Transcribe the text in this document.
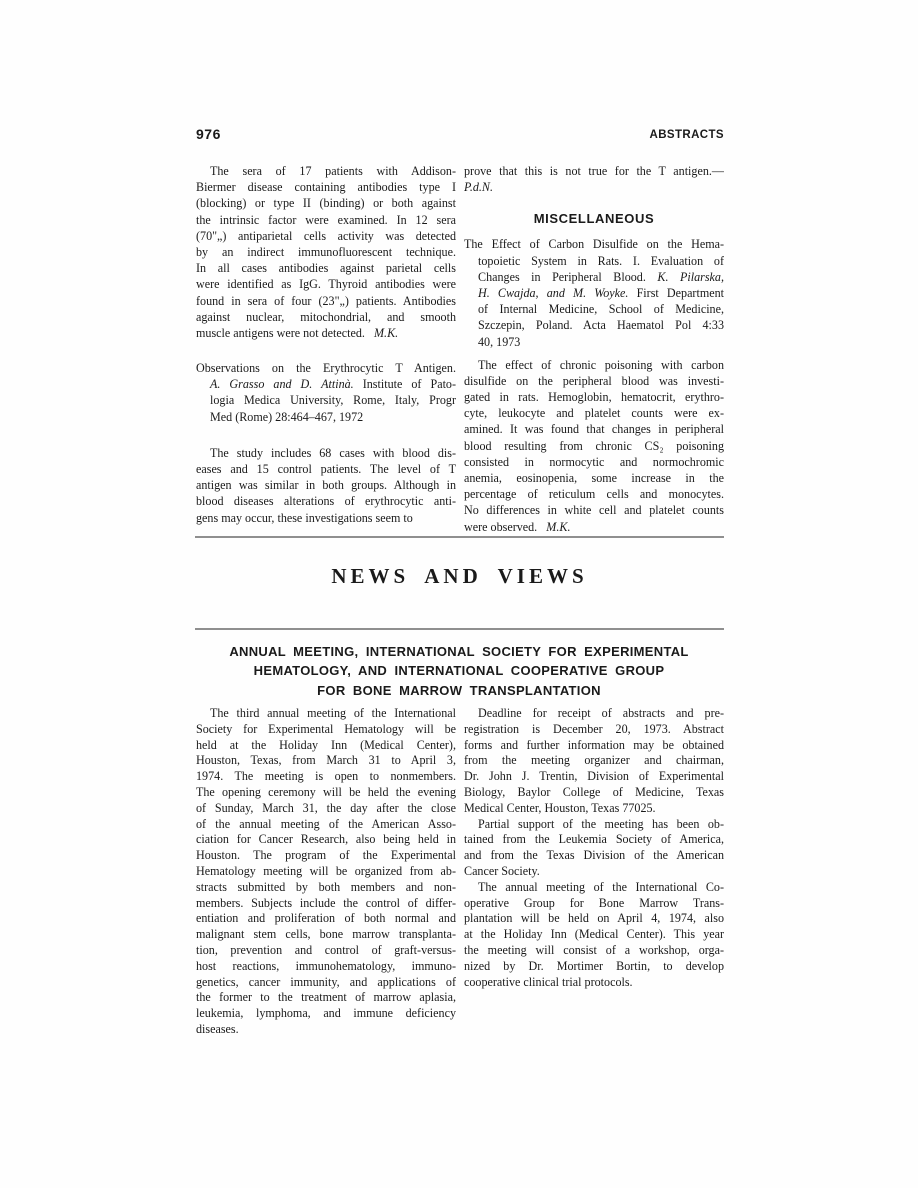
976	ABSTRACTS
The sera of 17 patients with Addison-
Biermer disease containing antibodies type I
(blocking) or type II (binding) or both against
the intrinsic factor were examined. In 12 sera
(70"„) antiparietal cells activity was detected
by an indirect immunofluorescent technique.
In all cases antibodies against parietal cells
were identified as IgG. Thyroid antibodies were
found in sera of four (23"„) patients. Antibodies
against nuclear, mitochondrial, and smooth
muscle antigens were not detected.   M.K.
Observations on the Erythrocytic T Antigen.
A. Grasso and D. Attinà. Institute of Pato-
logia Medica University, Rome, Italy, Progr
Med (Rome) 28:464–467, 1972
The study includes 68 cases with blood dis-
eases and 15 control patients. The level of T
antigen was similar in both groups. Although in
blood diseases alterations of erythrocytic anti-
gens may occur, these investigations seem to
prove that this is not true for the T antigen.—
P.d.N.
MISCELLANEOUS
The Effect of Carbon Disulfide on the Hema-
topoietic System in Rats. I. Evaluation of
Changes in Peripheral Blood. K. Pilarska,
H. Cwajda, and M. Woyke. First Department
of Internal Medicine, School of Medicine,
Szczepin, Poland. Acta Haematol Pol 4:33
40, 1973
The effect of chronic poisoning with carbon
disulfide on the peripheral blood was investi-
gated in rats. Hemoglobin, hematocrit, erythro-
cyte, leukocyte and platelet counts were ex-
amined. It was found that changes in peripheral
blood resulting from chronic CS₂ poisoning
consisted in normocytic and normochromic
anemia, eosinopenia, some increase in the
percentage of reticulum cells and monocytes.
No differences in white cell and platelet counts
were observed.   M.K.
NEWS AND VIEWS
ANNUAL MEETING, INTERNATIONAL SOCIETY FOR EXPERIMENTAL
HEMATOLOGY, AND INTERNATIONAL COOPERATIVE GROUP
FOR BONE MARROW TRANSPLANTATION
The third annual meeting of the International
Society for Experimental Hematology will be
held at the Holiday Inn (Medical Center),
Houston, Texas, from March 31 to April 3,
1974. The meeting is open to nonmembers.
The opening ceremony will be held the evening
of Sunday, March 31, the day after the close
of the annual meeting of the American Asso-
ciation for Cancer Research, also being held in
Houston. The program of the Experimental
Hematology meeting will be organized from ab-
stracts submitted by both members and non-
members. Subjects include the control of differ-
entiation and proliferation of both normal and
malignant stem cells, bone marrow transplanta-
tion, prevention and control of graft-versus-
host reactions, immunohematology, immuno-
genetics, cancer immunity, and applications of
the former to the treatment of marrow aplasia,
leukemia, lymphoma, and immune deficiency
diseases.
Deadline for receipt of abstracts and pre-
registration is December 20, 1973. Abstract
forms and further information may be obtained
from the meeting organizer and chairman,
Dr. John J. Trentin, Division of Experimental
Biology, Baylor College of Medicine, Texas
Medical Center, Houston, Texas 77025.
Partial support of the meeting has been ob-
tained from the Leukemia Society of America,
and from the Texas Division of the American
Cancer Society.
The annual meeting of the International Co-
operative Group for Bone Marrow Trans-
plantation will be held on April 4, 1974, also
at the Holiday Inn (Medical Center). This year
the meeting will consist of a workshop, orga-
nized by Dr. Mortimer Bortin, to develop
cooperative clinical trial protocols.
